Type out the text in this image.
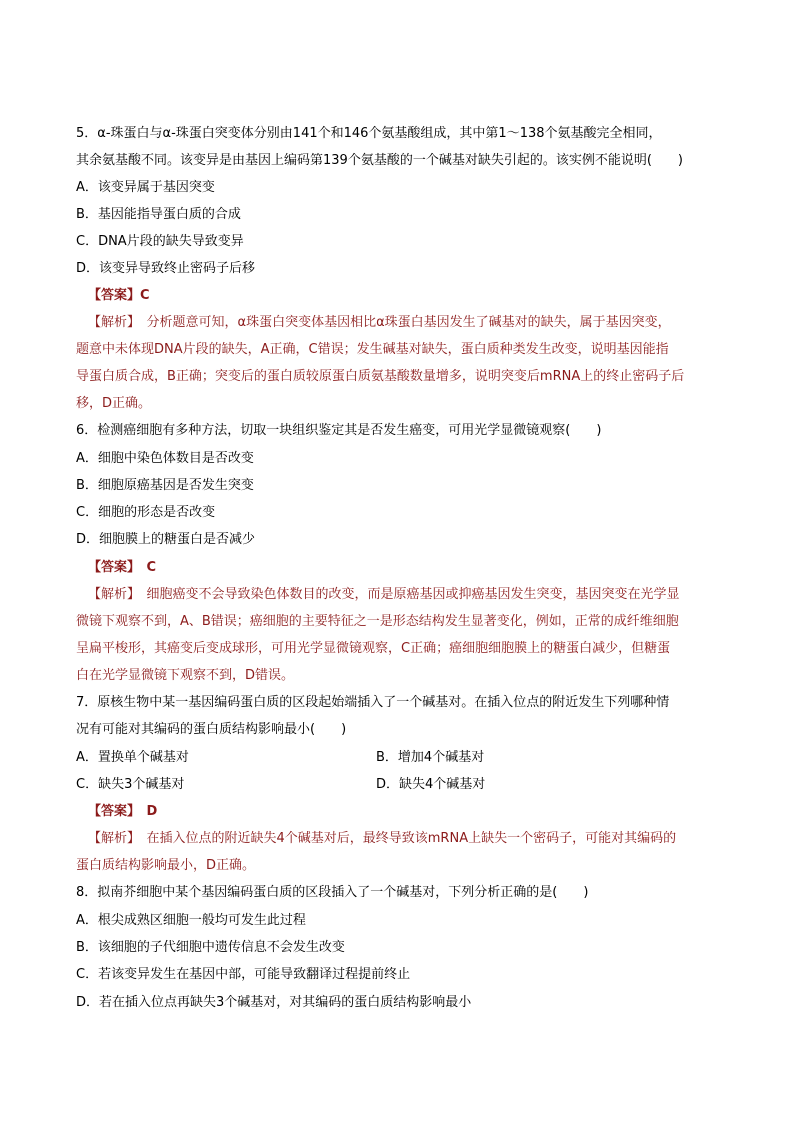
5．α-珠蛋白与α-珠蛋白突变体分别由141个和146个氨基酸组成，其中第1～138个氨基酸完全相同，
其余氨基酸不同。该变异是由基因上编码第139个氨基酸的一个碱基对缺失引起的。该实例不能说明(　　)
A．该变异属于基因突变
B．基因能指导蛋白质的合成
C．DNA片段的缺失导致变异
D．该变异导致终止密码子后移
【答案】C
【解析】　分析题意可知，α珠蛋白突变体基因相比α珠蛋白基因发生了碱基对的缺失，属于基因突变，
题意中未体现DNA片段的缺失，A正确，C错误；发生碱基对缺失，蛋白质种类发生改变，说明基因能指
导蛋白质合成，B正确；突变后的蛋白质较原蛋白质氨基酸数量增多，说明突变后mRNA上的终止密码子后
移，D正确。
6．检测癌细胞有多种方法，切取一块组织鉴定其是否发生癌变，可用光学显微镜观察(　　)
A．细胞中染色体数目是否改变
B．细胞原癌基因是否发生突变
C．细胞的形态是否改变
D．细胞膜上的糖蛋白是否减少
【答案】　C
【解析】　细胞癌变不会导致染色体数目的改变，而是原癌基因或抑癌基因发生突变，基因突变在光学显
微镜下观察不到，A、B错误；癌细胞的主要特征之一是形态结构发生显著变化，例如，正常的成纤维细胞
呈扁平梭形，其癌变后变成球形，可用光学显微镜观察，C正确；癌细胞细胞膜上的糖蛋白减少，但糖蛋
白在光学显微镜下观察不到，D错误。
7．原核生物中某一基因编码蛋白质的区段起始端插入了一个碱基对。在插入位点的附近发生下列哪种情
况有可能对其编码的蛋白质结构影响最小(　　)
A．置换单个碱基对	B．增加4个碱基对
C．缺失3个碱基对	D．缺失4个碱基对
【答案】　D
【解析】　在插入位点的附近缺失4个碱基对后，最终导致该mRNA上缺失一个密码子，可能对其编码的
蛋白质结构影响最小，D正确。
8．拟南芥细胞中某个基因编码蛋白质的区段插入了一个碱基对，下列分析正确的是(　　)
A．根尖成熟区细胞一般均可发生此过程
B．该细胞的子代细胞中遗传信息不会发生改变
C．若该变异发生在基因中部，可能导致翻译过程提前终止
D．若在插入位点再缺失3个碱基对，对其编码的蛋白质结构影响最小
